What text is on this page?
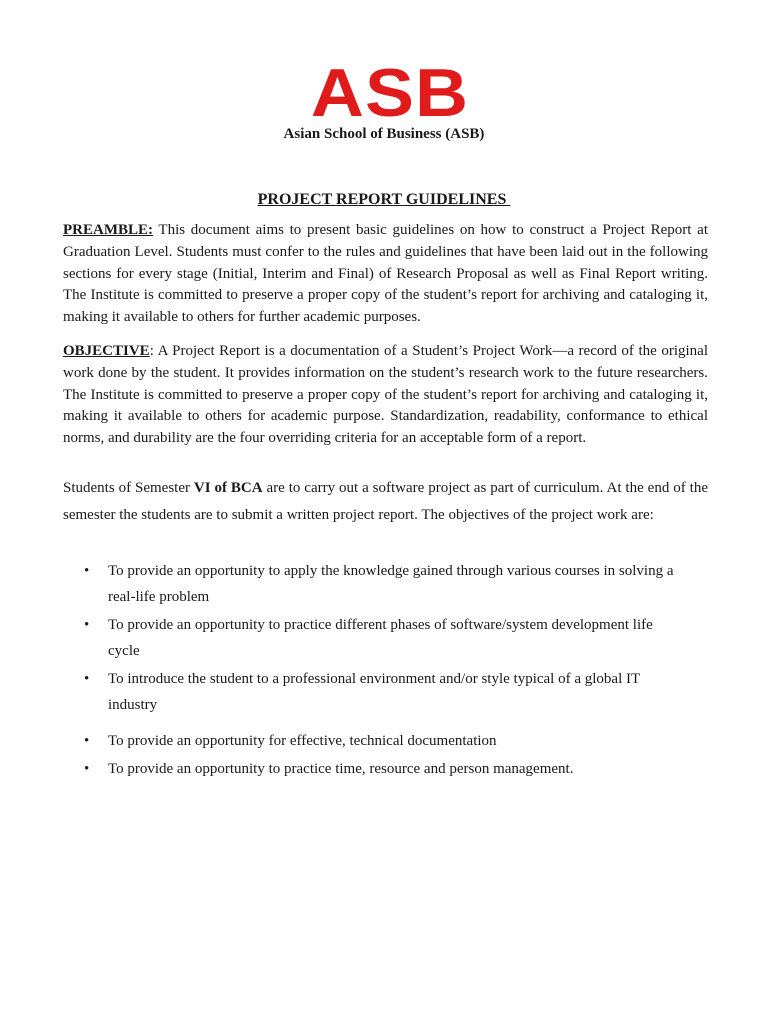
ASB
Asian School of Business (ASB)
PROJECT REPORT GUIDELINES

PREAMBLE: This document aims to present basic guidelines on how to construct a Project Report at Graduation Level. Students must confer to the rules and guidelines that have been laid out in the following sections for every stage (Initial, Interim and Final) of Research Proposal as well as Final Report writing. The Institute is committed to preserve a proper copy of the student’s report for archiving and cataloging it, making it available to others for further academic purposes.

OBJECTIVE: A Project Report is a documentation of a Student’s Project Work—a record of the original work done by the student. It provides information on the student’s research work to the future researchers. The Institute is committed to preserve a proper copy of the student’s report for archiving and cataloging it, making it available to others for academic purpose. Standardization, readability, conformance to ethical norms, and durability are the four overriding criteria for an acceptable form of a report.

Students of Semester VI of BCA are to carry out a software project as part of curriculum. At the end of the semester the students are to submit a written project report. The objectives of the project work are:

•	To provide an opportunity to apply the knowledge gained through various courses in solving a real-life problem
•	To provide an opportunity to practice different phases of software/system development life cycle
•	To introduce the student to a professional environment and/or style typical of a global IT industry
•	To provide an opportunity for effective, technical documentation
•	To provide an opportunity to practice time, resource and person management.
